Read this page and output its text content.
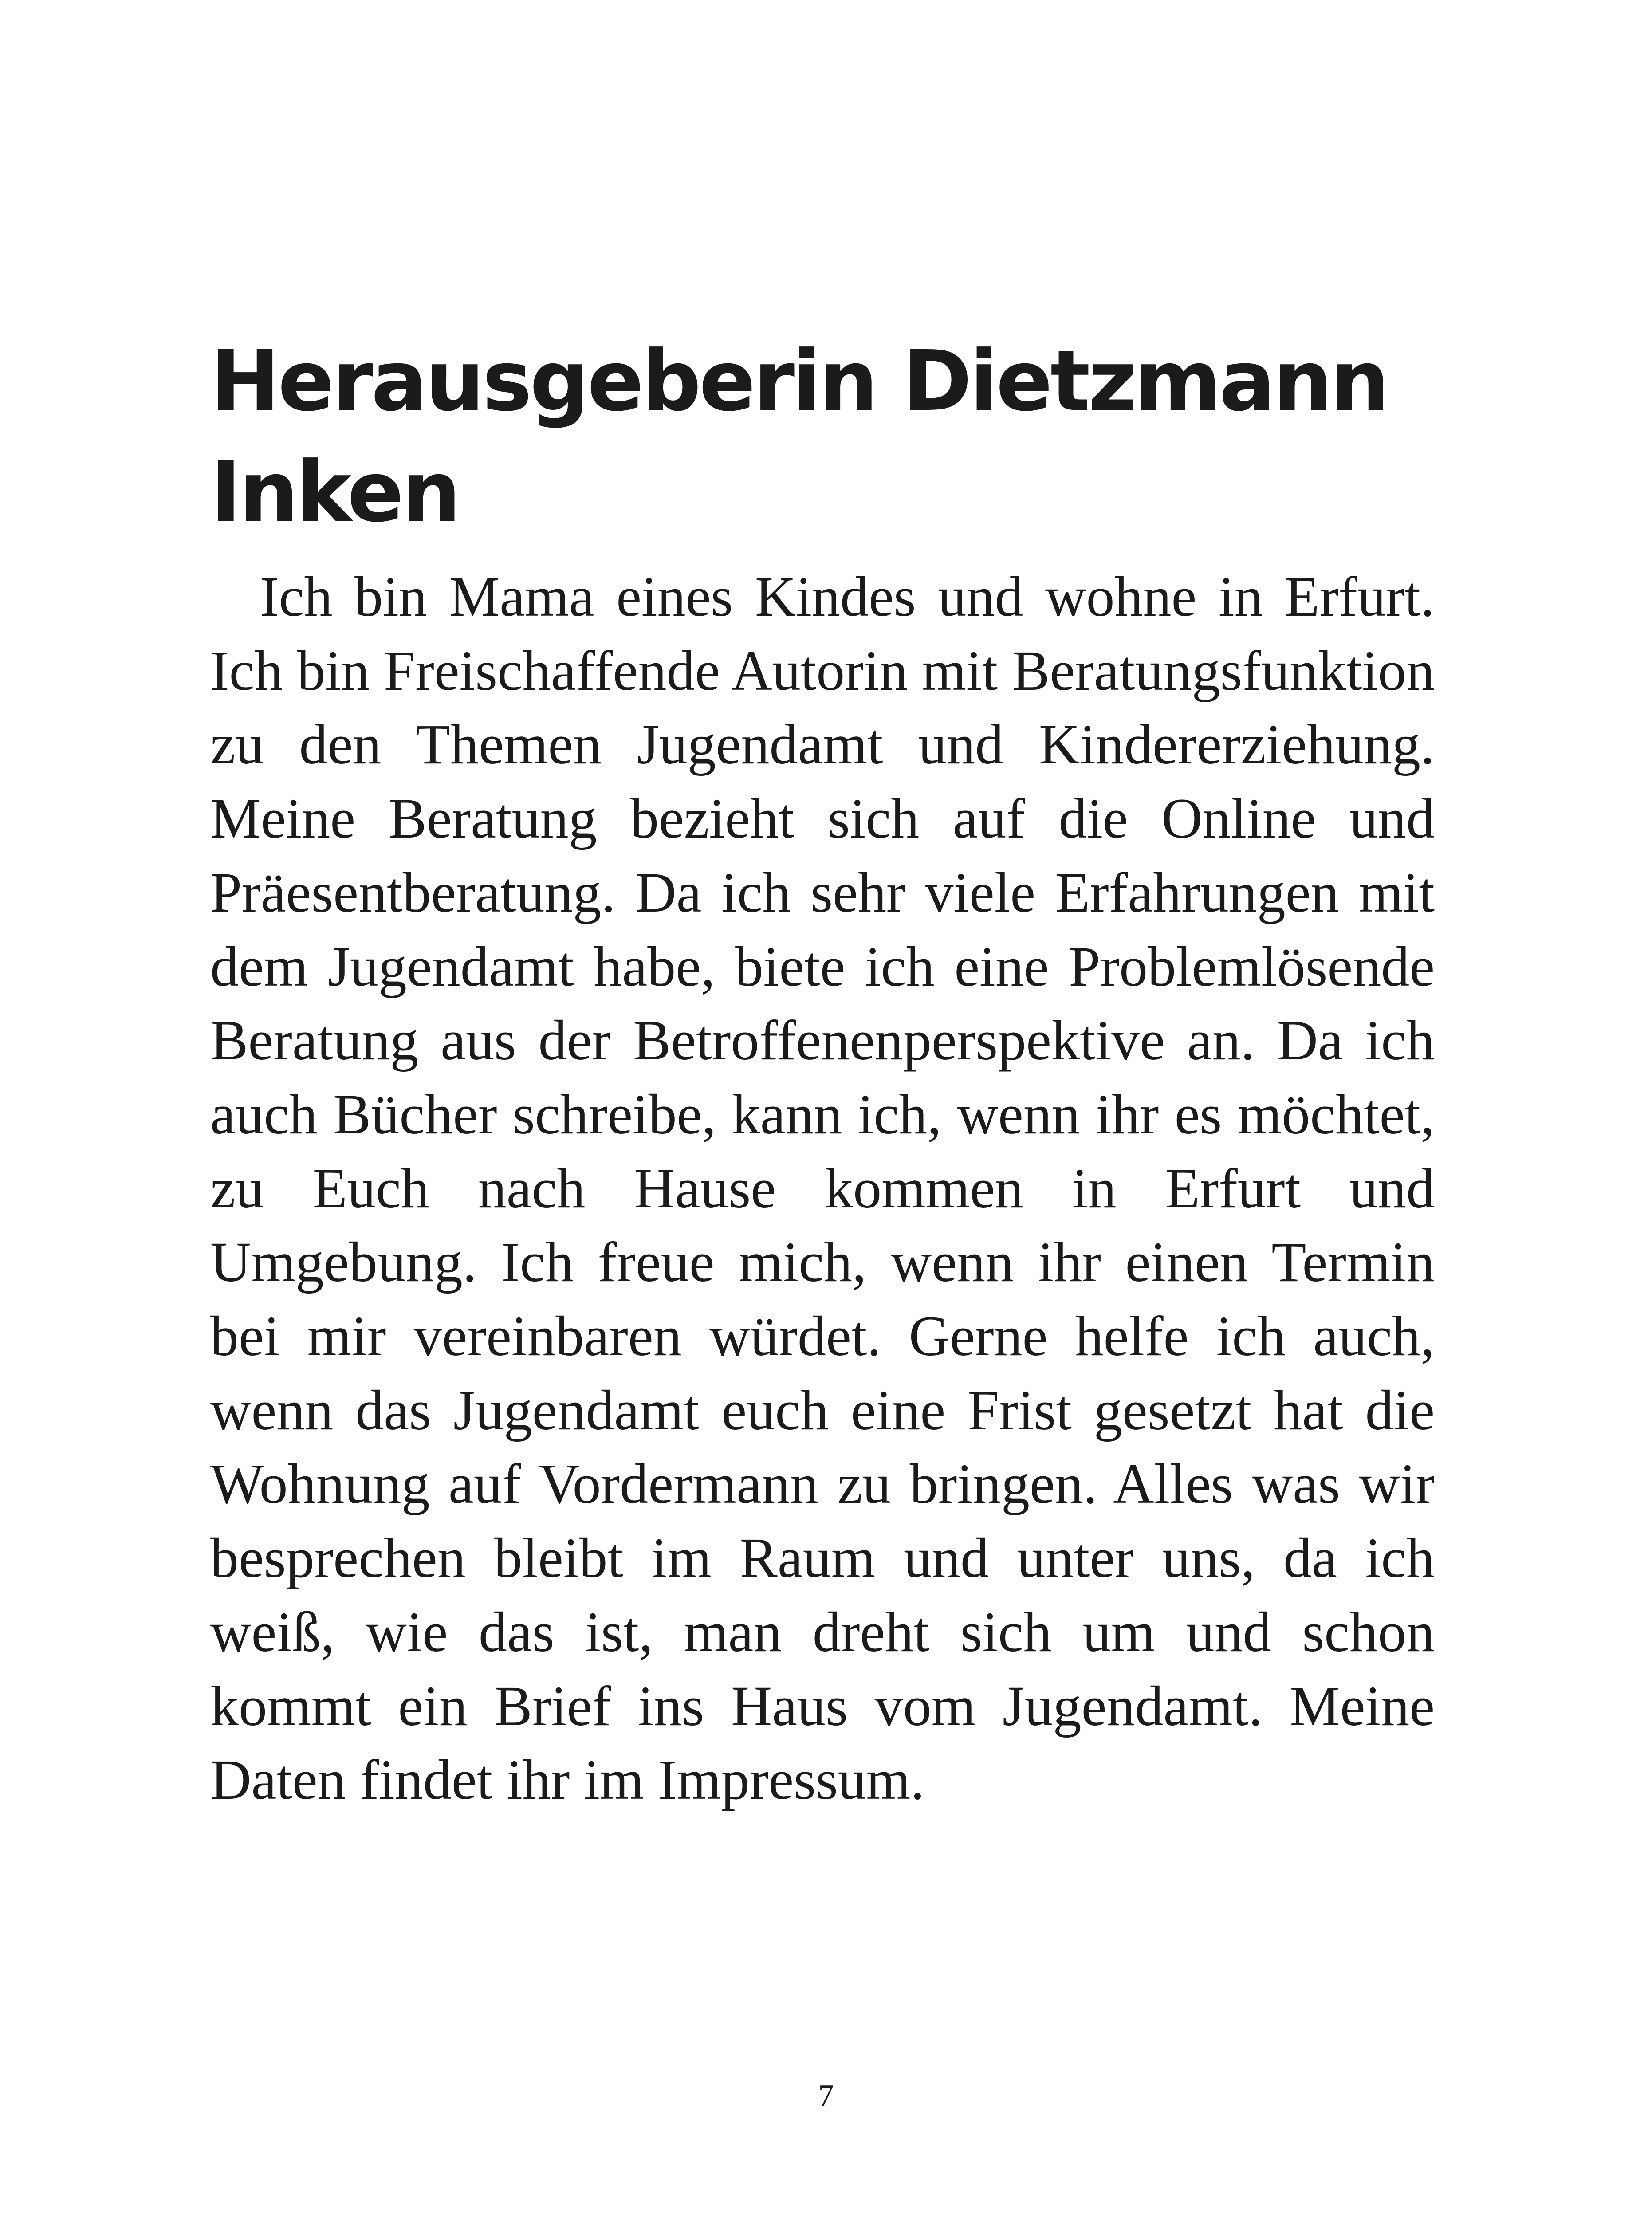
Herausgeberin Dietzmann Inken

Ich bin Mama eines Kindes und wohne in Erfurt. Ich bin Freischaffende Autorin mit Beratungsfunktion zu den Themen Jugendamt und Kindererziehung. Meine Beratung bezieht sich auf die Online und Präesentberatung. Da ich sehr viele Erfahrungen mit dem Jugendamt habe, biete ich eine Problemlösende Beratung aus der Betroffenenperspektive an. Da ich auch Bücher schreibe, kann ich, wenn ihr es möchtet, zu Euch nach Hause kommen in Erfurt und Umgebung. Ich freue mich, wenn ihr einen Termin bei mir vereinbaren würdet. Gerne helfe ich auch, wenn das Jugendamt euch eine Frist gesetzt hat die Wohnung auf Vordermann zu bringen. Alles was wir besprechen bleibt im Raum und unter uns, da ich weiß, wie das ist, man dreht sich um und schon kommt ein Brief ins Haus vom Jugendamt. Meine Daten findet ihr im Impressum.

7
